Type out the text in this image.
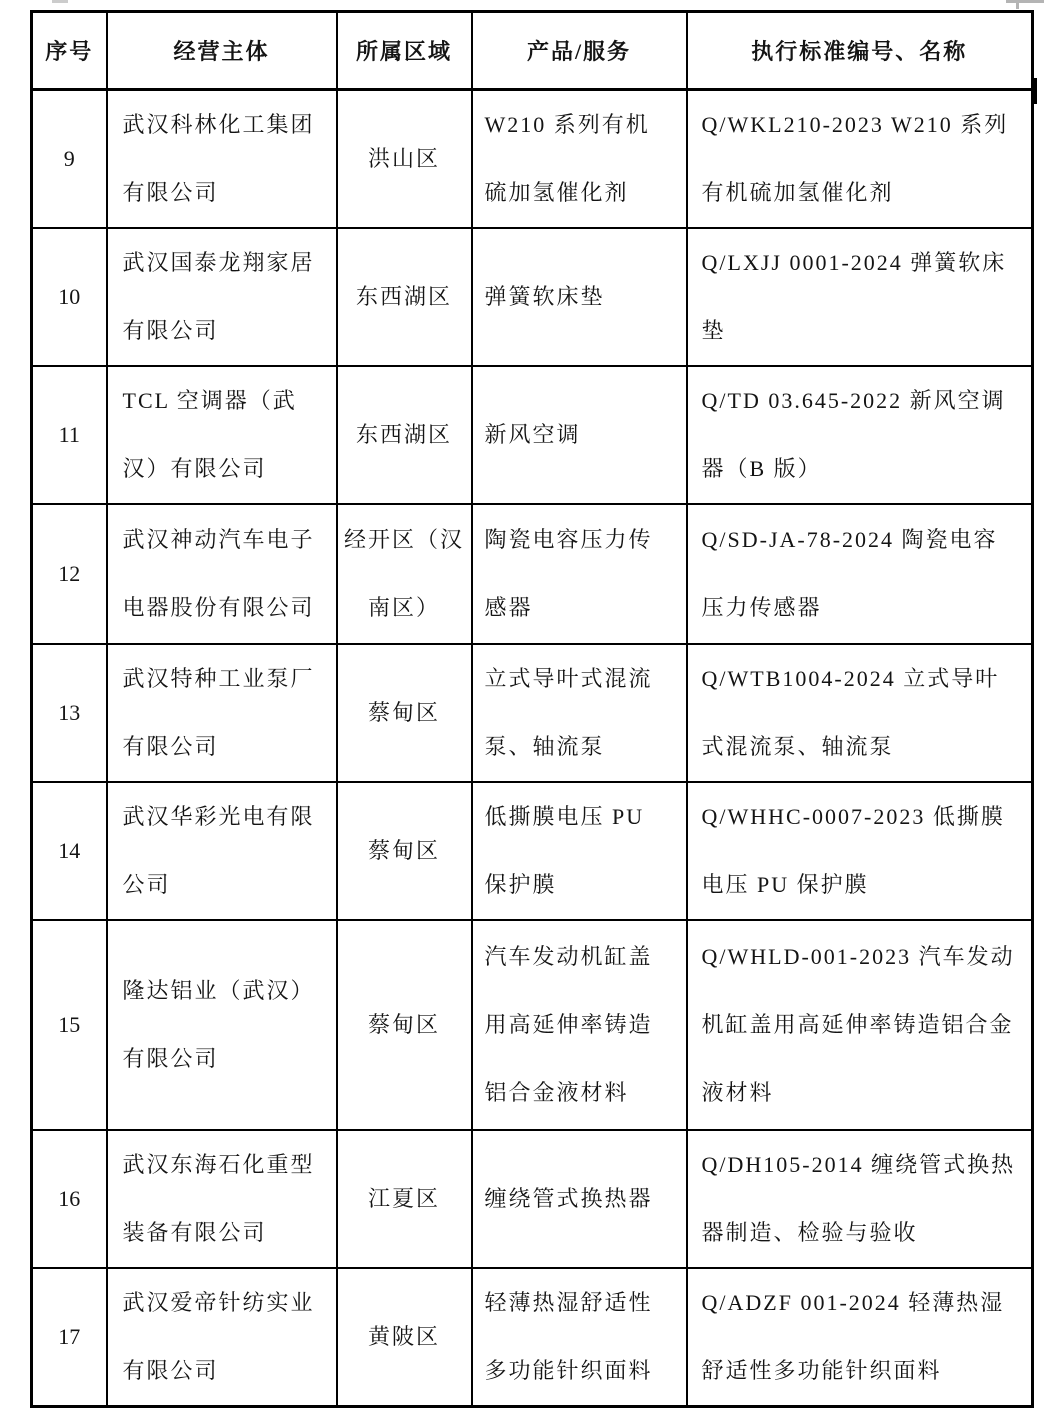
序号	经营主体	所属区域	产品/服务	执行标准编号、名称
9	武汉科林化工集团有限公司	洪山区	W210 系列有机硫加氢催化剂	Q/WKL210-2023 W210 系列有机硫加氢催化剂
10	武汉国泰龙翔家居有限公司	东西湖区	弹簧软床垫	Q/LXJJ 0001-2024 弹簧软床垫
11	TCL 空调器（武汉）有限公司	东西湖区	新风空调	Q/TD 03.645-2022 新风空调器（B 版）
12	武汉神动汽车电子电器股份有限公司	经开区（汉南区）	陶瓷电容压力传感器	Q/SD-JA-78-2024 陶瓷电容压力传感器
13	武汉特种工业泵厂有限公司	蔡甸区	立式导叶式混流泵、轴流泵	Q/WTB1004-2024 立式导叶式混流泵、轴流泵
14	武汉华彩光电有限公司	蔡甸区	低撕膜电压 PU 保护膜	Q/WHHC-0007-2023 低撕膜电压 PU 保护膜
15	隆达铝业（武汉）有限公司	蔡甸区	汽车发动机缸盖用高延伸率铸造铝合金液材料	Q/WHLD-001-2023 汽车发动机缸盖用高延伸率铸造铝合金液材料
16	武汉东海石化重型装备有限公司	江夏区	缠绕管式换热器	Q/DH105-2014 缠绕管式换热器制造、检验与验收
17	武汉爱帝针纺实业有限公司	黄陂区	轻薄热湿舒适性多功能针织面料	Q/ADZF 001-2024 轻薄热湿舒适性多功能针织面料
